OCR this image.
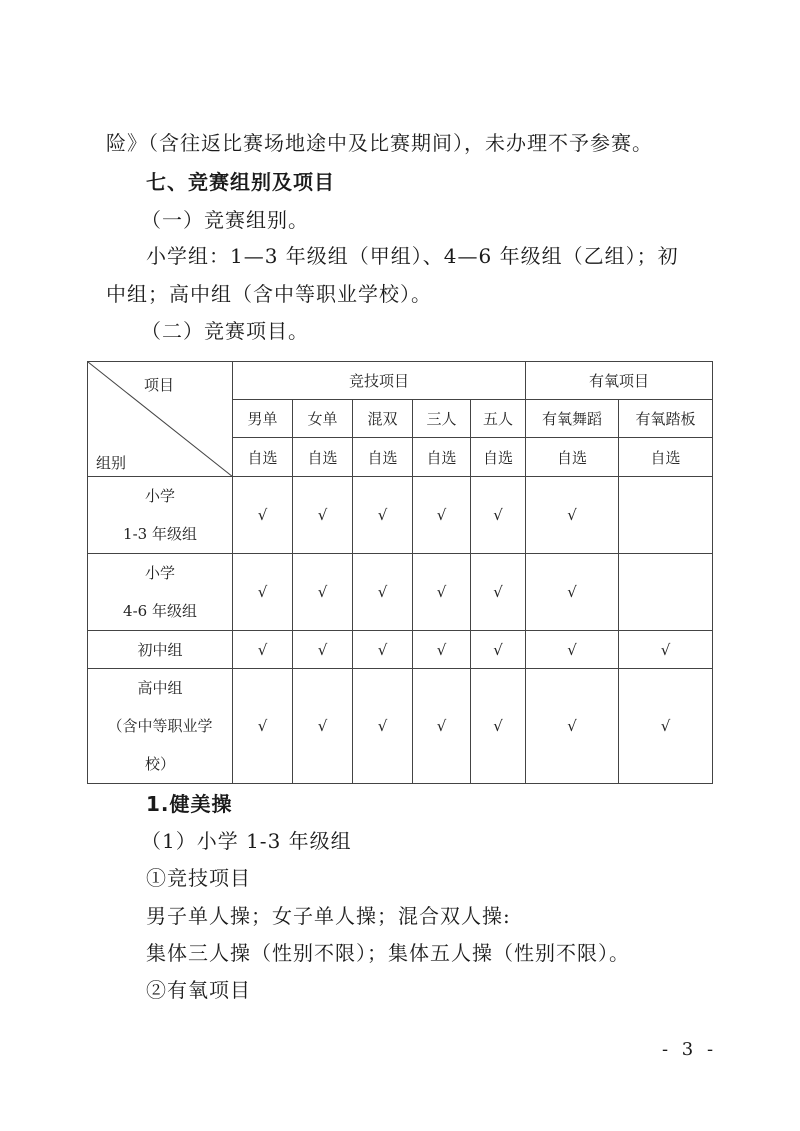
险》（含往返比赛场地途中及比赛期间），未办理不予参赛。
七、竞赛组别及项目
（一）竞赛组别。
小学组：1—3 年级组（甲组）、4—6 年级组（乙组）；初
中组；高中组（含中等职业学校）。
（二）竞赛项目。
项目
组别	竞技项目					有氧项目	
	男单	女单	混双	三人	五人	有氧舞蹈	有氧踏板
	自选	自选	自选	自选	自选	自选	自选

小学
1-3 年级组	√	√	√	√	√	√	

小学
4-6 年级组	√	√	√	√	√	√	
初中组	√	√	√	√	√	√	√

高中组
（含中等职业学
校）	√	√	√	√	√	√	√
1.健美操
（1）小学 1-3 年级组
①竞技项目
男子单人操；女子单人操；混合双人操:
集体三人操（性别不限）；集体五人操（性别不限）。
②有氧项目
- 3 -
